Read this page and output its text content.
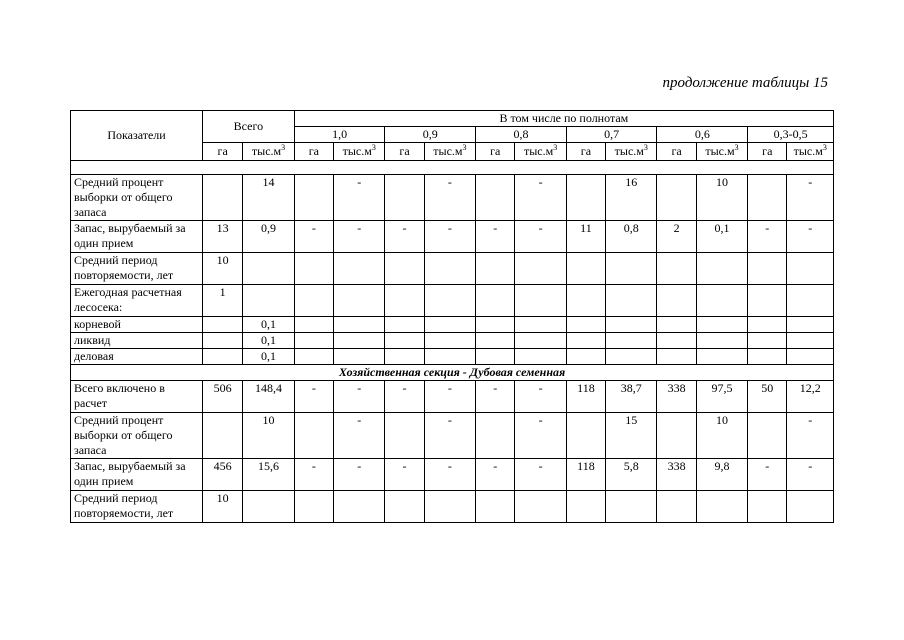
продолжение таблицы 15
Показатели	Всего		В том числе по полнотам											
			1,0		0,9		0,8		0,7		0,6		0,3-0,5	
	га	$тыс.м^3$	га	$тыс.м^3$	га	$тыс.м^3$	га	$тыс.м^3$	га	$тыс.м^3$	га	$тыс.м^3$	га	$тыс.м^3$

Средний процент выборки от общего запаса		14		-		-		-		16		10		-
Запас, вырубаемый за один прием	13	0,9	-	-	-	-	-	-	11	0,8	2	0,1	-	-
Средний период повторяемости, лет	10													
Ежегодная расчетная лесосека:	1													
корневой		0,1												
ликвид		0,1												
деловая		0,1												
Хозяйственная секция - Дубовая семенная														
Всего включено в расчет	506	148,4	-	-	-	-	-	-	118	38,7	338	97,5	50	12,2
Средний процент выборки от общего запаса		10		-		-		-		15		10		-
Запас, вырубаемый за один прием	456	15,6	-	-	-	-	-	-	118	5,8	338	9,8	-	-
Средний период повторяемости, лет	10													
